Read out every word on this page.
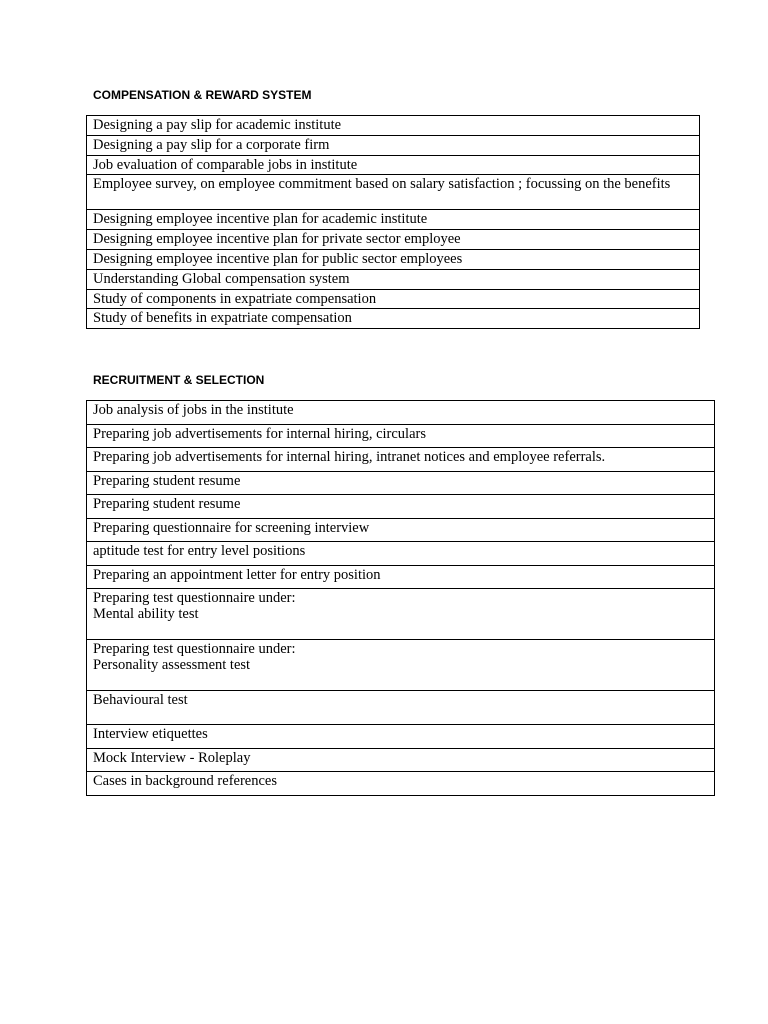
COMPENSATION & REWARD SYSTEM
Designing a pay slip for academic institute
Designing a pay slip for a corporate firm
Job evaluation of comparable jobs in institute
Employee survey, on employee commitment based on salary satisfaction ; focussing on the benefits
Designing employee incentive plan for academic institute
Designing employee incentive plan for private sector employee
Designing employee incentive plan for public sector employees
Understanding Global compensation system
Study of components in expatriate compensation
Study of benefits in expatriate compensation
RECRUITMENT & SELECTION
Job analysis of jobs in the institute
Preparing job advertisements for internal hiring, circulars
Preparing job advertisements for internal hiring, intranet notices and employee referrals.
Preparing student resume
Preparing student resume
Preparing questionnaire for screening interview
aptitude test for entry level positions
Preparing an appointment letter for entry position

Preparing test questionnaire under:
Mental ability test

Preparing test questionnaire under:
Personality assessment test

Behavioural test
Interview etiquettes
Mock Interview - Roleplay
Cases in background references
